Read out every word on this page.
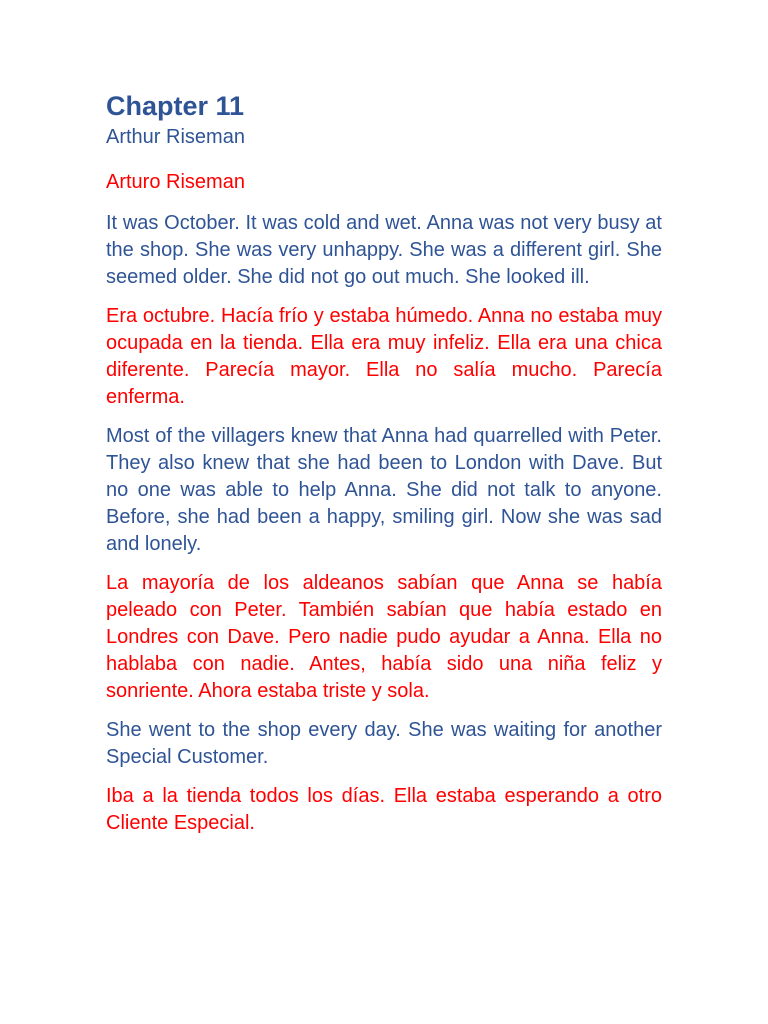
Chapter 11

Arthur Riseman

Arturo Riseman

It was October. It was cold and wet. Anna was not very busy at the shop. She was very unhappy. She was a different girl. She seemed older. She did not go out much. She looked ill.

Era octubre. Hacía frío y estaba húmedo. Anna no estaba muy ocupada en la tienda. Ella era muy infeliz. Ella era una chica diferente. Parecía mayor. Ella no salía mucho. Parecía enferma.

Most of the villagers knew that Anna had quarrelled with Peter. They also knew that she had been to London with Dave. But no one was able to help Anna. She did not talk to anyone. Before, she had been a happy, smiling girl. Now she was sad and lonely.

La mayoría de los aldeanos sabían que Anna se había peleado con Peter. También sabían que había estado en Londres con Dave. Pero nadie pudo ayudar a Anna. Ella no hablaba con nadie. Antes, había sido una niña feliz y sonriente. Ahora estaba triste y sola.

She went to the shop every day. She was waiting for another Special Customer.

Iba a la tienda todos los días. Ella estaba esperando a otro Cliente Especial.
